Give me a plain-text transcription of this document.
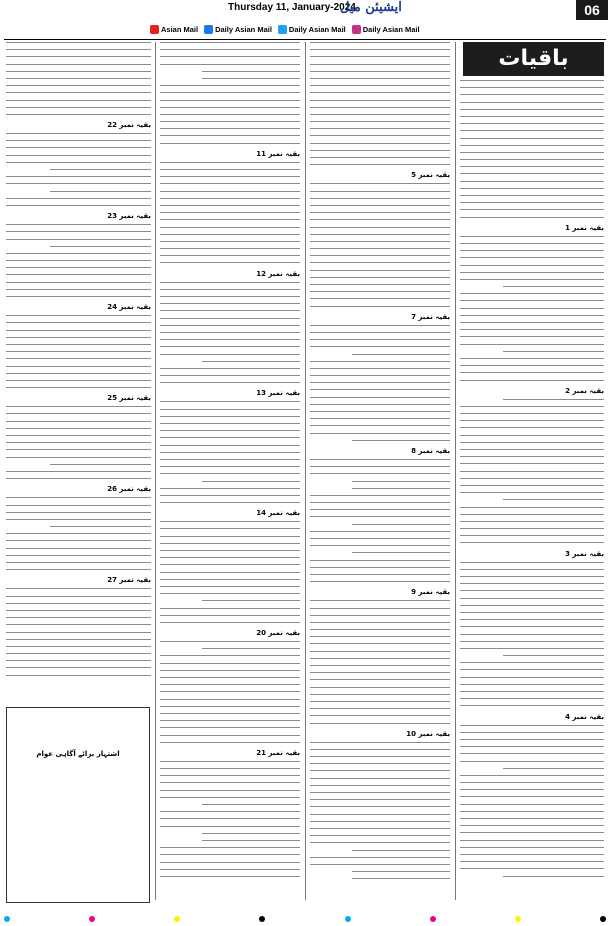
Thursday 11, January-2024
ایشیئن میل	06
Asian Mail Daily Asian Mail Daily Asian Mail Daily Asian Mail
باقیات
بقیہ نمبر 22
بقیہ نمبر 23
بقیہ نمبر 24
بقیہ نمبر 25
بقیہ نمبر 26
بقیہ نمبر 27
بقیہ نمبر 11
بقیہ نمبر 12
بقیہ نمبر 13
بقیہ نمبر 14
بقیہ نمبر 20
بقیہ نمبر 21
بقیہ نمبر 5
بقیہ نمبر 7
بقیہ نمبر 8
بقیہ نمبر 9
بقیہ نمبر 10
بقیہ نمبر 1
بقیہ نمبر 2
بقیہ نمبر 3
بقیہ نمبر 4
اشتہار برائے آگاہی عوام
